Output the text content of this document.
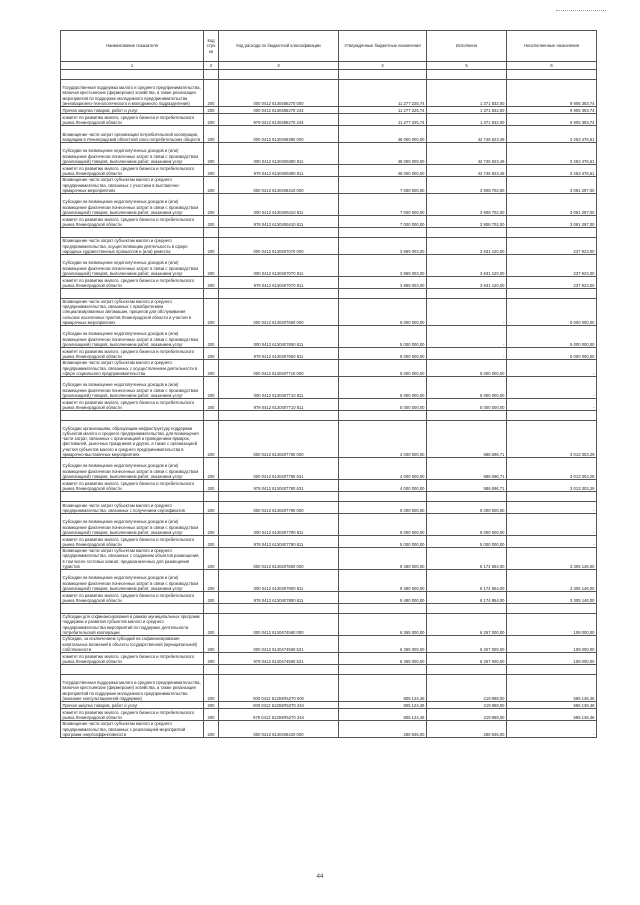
Наименование показателя	Код стро ки	Код расхода по бюджетной классификации	Утвержденные бюджетные назначения	Исполнено	Неисполненные назначения
1	2	3	4	5	6

Государственная поддержка малого и среднего предпринимательства, включая крестьянские (фермерские) хозяйства, а также реализация мероприятия по поддержке молодежного предпринимательства (инновационно-технологического и молодежного подразделения)	200	000 0412 6130485270 000	11 277 225,74	1 371 832,00	9 905 393,74
Прочая закупка товаров, работ и услуг	200	000 0412 6130485270 244	11 277 225,74	1 371 832,00	9 905 393,74
комитет по развитию малого, среднего бизнеса и потребительского рынка Ленинградской области	200	979 0412 6130485270 244	11 277 225,74	1 371 832,00	9 905 393,74
Возмещение части затрат организации потребительской кооперации, входящим в Ленинградский областной союз потребительских обществ	200	000 0412 6130406380 000	46 000 000,00	42 746 523,49	3 253 476,51
Субсидии на возмещение недополученных доходов и (или) возмещение фактически понесенных затрат в связи с производством (реализацией) товаров, выполнением работ, оказанием услуг	200	000 0412 6130406380 811	46 000 000,00	42 746 523,49	3 253 476,51
комитет по развитию малого, среднего бизнеса и потребительского рынка Ленинградской области	200	979 0412 6130406380 811	46 000 000,00	42 746 523,49	3 253 476,51
Возмещение части затрат субъектам малого и среднего предпринимательства, связанных с участием в выставочно-ярмарочных мероприятиях	200	000 0412 6130406410 000	7 000 000,00	3 908 702,00	3 091 297,00
Субсидии на возмещение недополученных доходов и (или) возмещение фактически понесенных затрат в связи с производством (реализацией) товаров, выполнением работ, оказанием услуг	200	000 0412 6130406410 811	7 000 000,00	3 908 702,00	3 091 297,00
комитет по развитию малого, среднего бизнеса и потребительского рынка Ленинградской области	200	979 0412 6130406410 811	7 000 000,00	3 908 702,00	3 091 297,00

Возмещение части затрат субъектам малого и среднего предпринимательства, осуществляющим деятельность в сфере народных художественных промыслов и (или) ремесла	200	000 0412 6130407070 000	3 869 003,00	3 631 120,00	237 923,00
Субсидии на возмещение недополученных доходов и (или) возмещение фактически понесенных затрат в связи с производством (реализацией) товаров, выполнением работ, оказанием услуг	200	000 0412 6130407070 811	3 869 003,00	3 631 120,00	237 923,00
комитет по развитию малого, среднего бизнеса и потребительского рынка Ленинградской области	200	979 0412 6130407070 811	3 869 003,00	3 631 120,00	237 923,00

Возмещение части затрат субъектам малого и среднего предпринимательства, связанных с приобретением специализированных автомашин, прицепов для обслуживания сельских населенных пунктов Ленинградской области и участия в ярмарочных мероприятиях	200	000 0412 6130407650 000	5 000 000,00	-	5 000 000,00
Субсидии на возмещение недополученных доходов и (или) возмещение фактически понесенных затрат в связи с производством (реализацией) товаров, выполнением работ, оказанием услуг	200	000 0412 6130407650 811	5 000 000,00	-	5 000 000,00
комитет по развитию малого, среднего бизнеса и потребительского рынка Ленинградской области	200	979 0412 6130407650 811	5 000 000,00	-	5 000 000,00
Возмещение части затрат субъектам малого и среднего предпринимательства, связанных с осуществлением деятельности в сфере социального предпринимательства	200	000 0412 6130407710 000	5 000 000,00	5 000 000,00	-
Субсидии на возмещение недополученных доходов и (или) возмещение фактически понесенных затрат в связи с производством (реализацией) товаров, выполнением работ, оказанием услуг	200	000 0412 6130407710 811	5 000 000,00	5 000 000,00	-
комитет по развитию малого, среднего бизнеса и потребительского рынка Ленинградской области	200	979 0412 6130407710 811	5 000 000,00	5 000 000,00	-

Субсидии организациям, образующим инфраструктуру поддержки субъектов малого и среднего предпринимательства, для возмещения части затрат, связанных с организацией и проведением ярмарок, фестивалей, рыночных праздников и других, а также с организацией участия субъектов малого и среднего предпринимательства в ярмарочно-выставочных мероприятиях	200	000 0412 6130407780 000	4 000 000,00	986 696,71	3 013 303,29
Субсидии на возмещение недополученных доходов и (или) возмещение фактически понесенных затрат в связи с производством (реализацией) товаров, выполнением работ, оказанием услуг	200	000 0412 6130407780 631	4 000 000,00	986 696,71	3 013 303,29
комитет по развитию малого, среднего бизнеса и потребительского рынка Ленинградской области	200	979 0412 6130407780 631	4 000 000,00	986 696,71	3 013 303,29

Возмещение части затрат субъектам малого и среднего предпринимательства, связанных с получением сертификатов	200	000 0412 6130407790 000	5 000 000,00	5 000 000,00	-
Субсидии на возмещение недополученных доходов и (или) возмещение фактически понесенных затрат в связи с производством (реализацией) товаров, выполнением работ, оказанием услуг	200	000 0412 6130407790 811	5 000 000,00	5 000 000,00	-
комитет по развитию малого, среднего бизнеса и потребительского рынка Ленинградской области	200	979 0412 6130407790 811	5 000 000,00	5 000 000,00	-
Возмещение части затрат субъектам малого и среднего предпринимательства, связанных с созданием объектов размещения, в том числе гостевых комнат, предназначенных для размещения туристов	200	000 0412 6130407800 000	9 480 000,00	6 174 854,00	3 305 146,00
Субсидии на возмещение недополученных доходов и (или) возмещение фактически понесенных затрат в связи с производством (реализацией) товаров, выполнением работ, оказанием услуг	200	000 0412 6130407800 811	9 480 000,00	6 174 854,00	3 305 146,00
комитет по развитию малого, среднего бизнеса и потребительского рынка Ленинградской области	200	979 0412 6130407800 811	9 480 000,00	6 174 854,00	3 305 146,00

Субсидии для софинансирования в рамках муниципальных программ поддержки и развития субъектов малого и среднего предпринимательства мероприятий по поддержке деятельности потребительской кооперации	200	000 0412 6130474560 000	6 365 000,00	6 257 000,00	108 000,00
Субсидии, за исключением субсидий на софинансирование капитальных вложений в объекты государственной (муниципальной) собственности	200	000 0412 6130474560 521	6 365 000,00	6 257 000,00	108 000,00
комитет по развитию малого, среднего бизнеса и потребительского рынка Ленинградской области	200	979 0412 6130474560 521	6 365 000,00	6 257 000,00	108 000,00

Государственная поддержка малого и среднего предпринимательства, включая крестьянские (фермерские) хозяйства, а также реализация мероприятий по поддержке молодежного предпринимательства (оказание консультационной поддержки)	200	000 0412 61304R5270 000	805 124,46	219 988,00	585 136,46
Прочая закупка товаров, работ и услуг	200	000 0412 61304R5270 244	805 124,46	219 988,00	585 136,46
комитет по развитию малого, среднего бизнеса и потребительского рынка Ленинградской области	200	979 0412 61304R5270 244	805 124,46	219 988,00	585 136,46
Возмещение части затрат субъектам малого и среднего предпринимательства, связанных с реализацией мероприятий программ энергоэффективности	200	000 0412 6130406420 000	286 946,00	286 946,00	-
44
